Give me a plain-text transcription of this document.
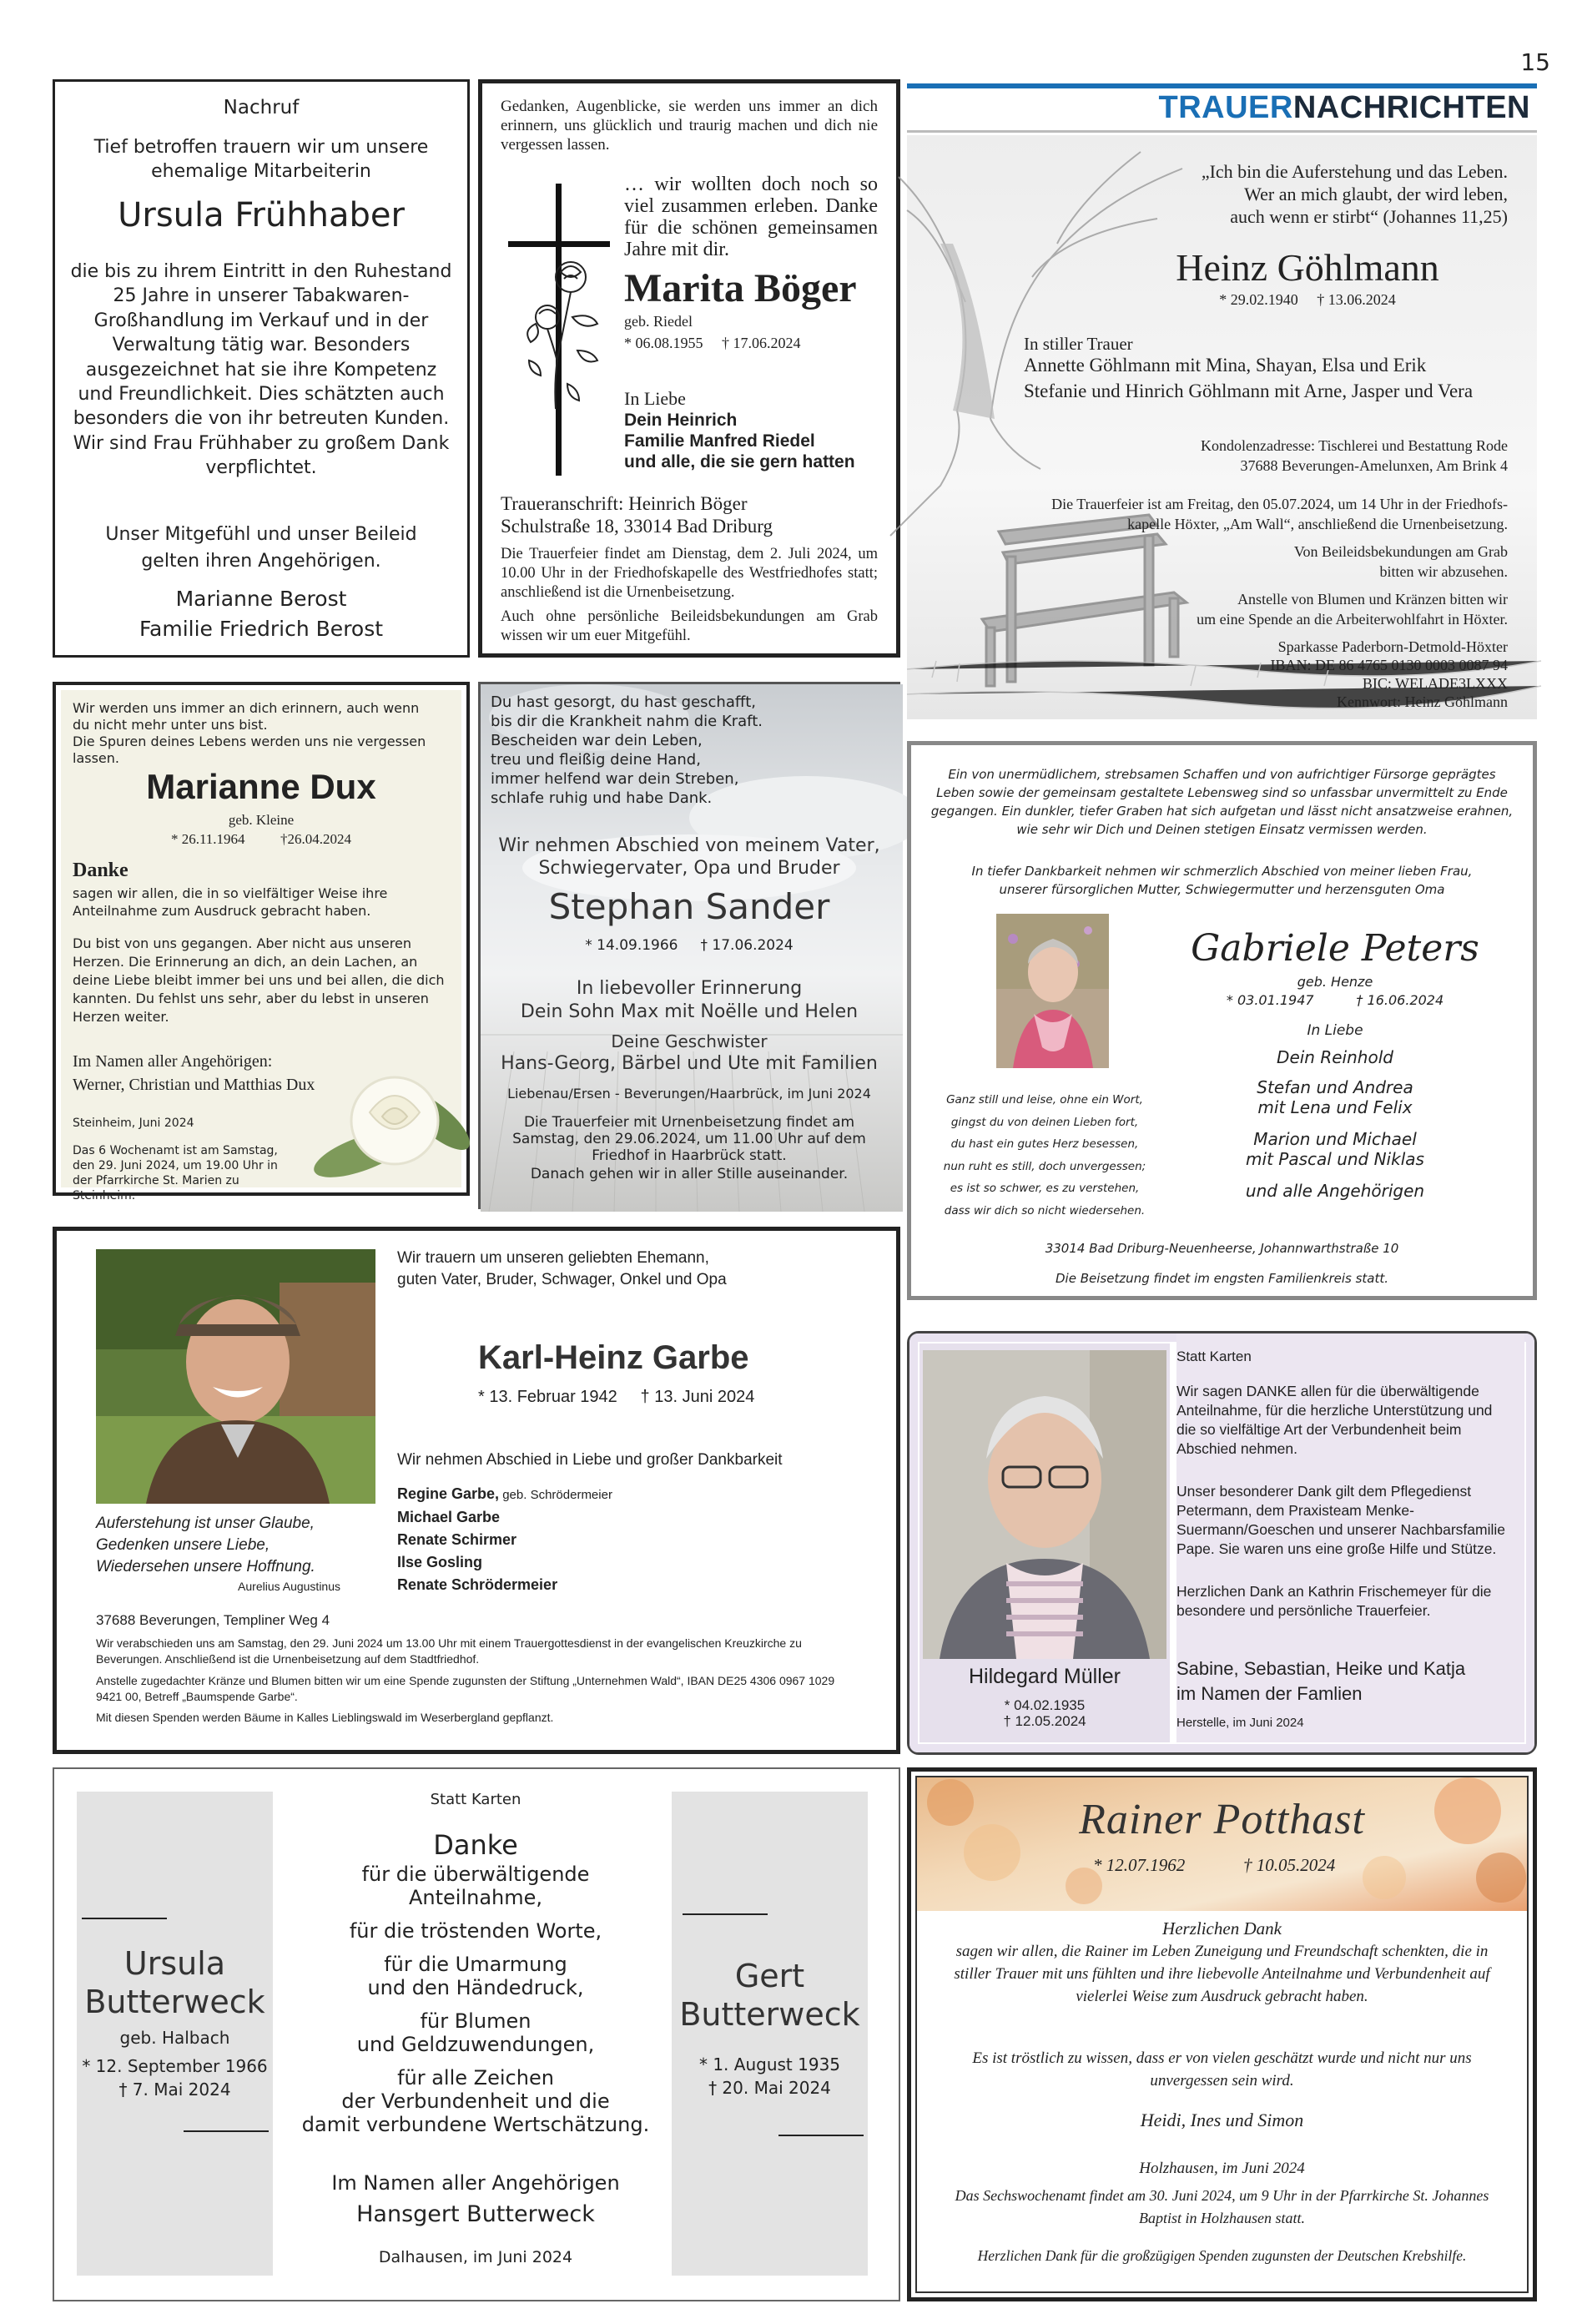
15
TRAUERNACHRICHTEN
Nachruf
Tief betroffen trauern wir um unsere ehemalige Mitarbeiterin
Ursula Frühhaber
die bis zu ihrem Eintritt in den Ruhestand 25 Jahre in unserer Tabakwaren-Großhandlung im Verkauf und in der Verwaltung tätig war. Besonders ausgezeichnet hat sie ihre Kompetenz und Freundlichkeit. Dies schätzten auch besonders die von ihr betreuten Kunden. Wir sind Frau Frühhaber zu großem Dank verpflichtet.
Unser Mitgefühl und unser Beileid gelten ihren Angehörigen.
Marianne Berost
Familie Friedrich Berost
Gedanken, Augenblicke, sie werden uns immer an dich erinnern, uns glücklich und traurig machen und dich nie vergessen lassen.
… wir wollten doch noch so viel zusammen erleben. Danke für die schönen gemeinsamen Jahre mit dir.
Marita Böger
geb. Riedel
* 06.08.1955     † 17.06.2024
In Liebe
Dein Heinrich
Familie Manfred Riedel
und alle, die sie gern hatten
Traueranschrift: Heinrich Böger
Schulstraße 18, 33014 Bad Driburg
Die Trauerfeier findet am Dienstag, dem 2. Juli 2024, um 10.00 Uhr in der Friedhofskapelle des Westfriedhofes statt; anschließend ist die Urnenbeisetzung.
Auch ohne persönliche Beileidsbekundungen am Grab wissen wir um euer Mitgefühl.
„Ich bin die Auferstehung und das Leben.
Wer an mich glaubt, der wird leben,
auch wenn er stirbt“ (Johannes 11,25)
Heinz Göhlmann
* 29.02.1940     † 13.06.2024
In stiller Trauer
Annette Göhlmann mit Mina, Shayan, Elsa und Erik
Stefanie und Hinrich Göhlmann mit Arne, Jasper und Vera
Kondolenzadresse: Tischlerei und Bestattung Rode
37688 Beverungen-Amelunxen, Am Brink 4
Die Trauerfeier ist am Freitag, den 05.07.2024, um 14 Uhr in der Friedhofs-
kapelle Höxter, „Am Wall“, anschließend die Urnenbeisetzung.
Von Beileidsbekundungen am Grab
bitten wir abzusehen.
Anstelle von Blumen und Kränzen bitten wir
um eine Spende an die Arbeiterwohlfahrt in Höxter.
Sparkasse Paderborn-Detmold-Höxter
IBAN: DE 86 4765 0130 0003 0087 94
BIC: WELADE3LXXX
Kennwort: Heinz Göhlmann
Wir werden uns immer an dich erinnern, auch wenn
du nicht mehr unter uns bist.
Die Spuren deines Lebens werden uns nie vergessen lassen.
Marianne Dux
geb. Kleine
* 26.11.1964          †26.04.2024
Danke
sagen wir allen, die in so vielfältiger Weise ihre Anteilnahme zum Ausdruck gebracht haben.
Du bist von uns gegangen. Aber nicht aus unseren Herzen. Die Erinnerung an dich, an dein Lachen, an deine Liebe bleibt immer bei uns und bei allen, die dich kannten. Du fehlst uns sehr, aber du lebst in unseren Herzen weiter.
Im Namen aller Angehörigen:
Werner, Christian und Matthias Dux
Steinheim, Juni 2024
Das 6 Wochenamt ist am Samstag, den 29. Juni 2024, um 19.00 Uhr in der Pfarrkirche St. Marien zu Steinheim.
Du hast gesorgt, du hast geschafft,
bis dir die Krankheit nahm die Kraft.
Bescheiden war dein Leben,
treu und fleißig deine Hand,
immer helfend war dein Streben,
schlafe ruhig und habe Dank.
Wir nehmen Abschied von meinem Vater, Schwiegervater, Opa und Bruder
Stephan Sander
* 14.09.1966     † 17.06.2024
In liebevoller Erinnerung
Dein Sohn Max mit Noëlle und Helen
Deine Geschwister
Hans-Georg, Bärbel und Ute mit Familien
Liebenau/Ersen - Beverungen/Haarbrück, im Juni 2024
Die Trauerfeier mit Urnenbeisetzung findet am Samstag, den 29.06.2024, um 11.00 Uhr auf dem Friedhof in Haarbrück statt.
Danach gehen wir in aller Stille auseinander.
Ein von unermüdlichem, strebsamen Schaffen und von aufrichtiger Fürsorge geprägtes Leben sowie der gemeinsam gestaltete Lebensweg sind so unfassbar unvermittelt zu Ende gegangen. Ein dunkler, tiefer Graben hat sich aufgetan und lässt nicht ansatzweise erahnen, wie sehr wir Dich und Deinen stetigen Einsatz vermissen werden.
In tiefer Dankbarkeit nehmen wir schmerzlich Abschied von meiner lieben Frau, unserer fürsorglichen Mutter, Schwiegermutter und herzensguten Oma
Gabriele Peters
geb. Henze
* 03.01.1947          † 16.06.2024
In Liebe
Dein Reinhold
Stefan und Andrea
mit Lena und Felix
Marion und Michael
mit Pascal und Niklas
und alle Angehörigen
Ganz still und leise, ohne ein Wort,
gingst du von deinen Lieben fort,
du hast ein gutes Herz besessen,
nun ruht es still, doch unvergessen;
es ist so schwer, es zu verstehen,
dass wir dich so nicht wiedersehen.
33014 Bad Driburg-Neuenheerse, Johannwarthstraße 10
Die Beisetzung findet im engsten Familienkreis statt.
Auferstehung ist unser Glaube,
Gedenken unsere Liebe,
Wiedersehen unsere Hoffnung.
Aurelius Augustinus
Wir trauern um unseren geliebten Ehemann,
guten Vater, Bruder, Schwager, Onkel und Opa
Karl-Heinz Garbe
* 13. Februar 1942     † 13. Juni 2024
Wir nehmen Abschied in Liebe und großer Dankbarkeit
Regine Garbe, geb. Schrödermeier
Michael Garbe
Renate Schirmer
Ilse Gosling
Renate Schrödermeier
37688 Beverungen, Templiner Weg 4
Wir verabschieden uns am Samstag, den 29. Juni 2024 um 13.00 Uhr mit einem Trauergottesdienst in der evangelischen Kreuzkirche zu Beverungen. Anschließend ist die Urnenbeisetzung auf dem Stadtfriedhof.
Anstelle zugedachter Kränze und Blumen bitten wir um eine Spende zugunsten der Stiftung „Unternehmen Wald“, IBAN DE25 4306 0967 1029 9421 00, Betreff „Baumspende Garbe“.
Mit diesen Spenden werden Bäume in Kalles Lieblingswald im Weserbergland gepflanzt.
Hildegard Müller
* 04.02.1935
† 12.05.2024
Statt Karten
Wir sagen DANKE allen für die überwältigende Anteilnahme, für die herzliche Unterstützung und die so vielfältige Art der Verbundenheit beim Abschied nehmen.
Unser besonderer Dank gilt dem Pflegedienst Petermann, dem Praxisteam Menke-Suermann/Goeschen und unserer Nachbarsfamilie Pape. Sie waren uns eine große Hilfe und Stütze.
Herzlichen Dank an Kathrin Frischemeyer für die besondere und persönliche Trauerfeier.
Sabine, Sebastian, Heike und Katja
im Namen der Famlien
Herstelle, im Juni 2024
Ursula
Butterweck
geb. Halbach
* 12. September 1966
† 7. Mai 2024
Gert
Butterweck
* 1. August 1935
† 20. Mai 2024
Statt Karten
Danke
für die überwältigende
Anteilnahme,
für die tröstenden Worte,
für die Umarmung
und den Händedruck,
für Blumen
und Geldzuwendungen,
für alle Zeichen
der Verbundenheit und die
damit verbundene Wertschätzung.
Im Namen aller Angehörigen
Hansgert Butterweck
Dalhausen, im Juni 2024
Rainer Potthast
* 12.07.1962	† 10.05.2024
Herzlichen Dank
sagen wir allen, die Rainer im Leben Zuneigung und Freundschaft schenkten, die in stiller Trauer mit uns fühlten und ihre liebevolle Anteilnahme und Verbundenheit auf vielerlei Weise zum Ausdruck gebracht haben.
Es ist tröstlich zu wissen, dass er von vielen geschätzt wurde und nicht nur uns unvergessen sein wird.
Heidi, Ines und Simon
Holzhausen, im Juni 2024
Das Sechswochenamt findet am 30. Juni 2024, um 9 Uhr in der Pfarrkirche St. Johannes Baptist in Holzhausen statt.
Herzlichen Dank für die großzügigen Spenden zugunsten der Deutschen Krebshilfe.
